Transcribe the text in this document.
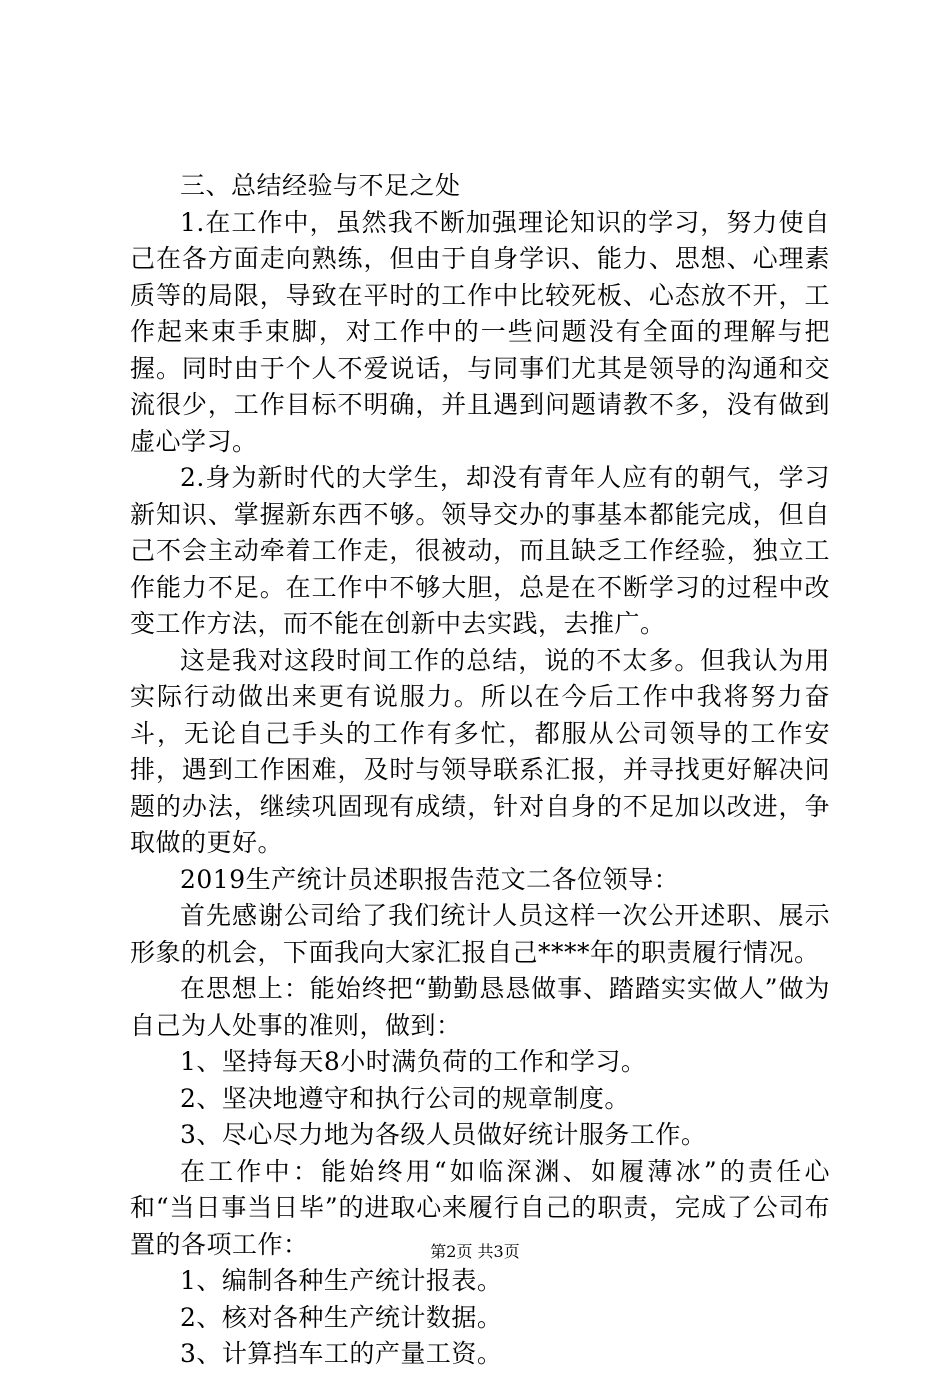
三、总结经验与不足之处

1.在工作中，虽然我不断加强理论知识的学习，努力使自己在各方面走向熟练，但由于自身学识、能力、思想、心理素质等的局限，导致在平时的工作中比较死板、心态放不开，工作起来束手束脚，对工作中的一些问题没有全面的理解与把握。同时由于个人不爱说话，与同事们尤其是领导的沟通和交流很少，工作目标不明确，并且遇到问题请教不多，没有做到虚心学习。

2.身为新时代的大学生，却没有青年人应有的朝气，学习新知识、掌握新东西不够。领导交办的事基本都能完成，但自己不会主动牵着工作走，很被动，而且缺乏工作经验，独立工作能力不足。在工作中不够大胆，总是在不断学习的过程中改变工作方法，而不能在创新中去实践，去推广。

这是我对这段时间工作的总结，说的不太多。但我认为用实际行动做出来更有说服力。所以在今后工作中我将努力奋斗，无论自己手头的工作有多忙，都服从公司领导的工作安排，遇到工作困难，及时与领导联系汇报，并寻找更好解决问题的办法，继续巩固现有成绩，针对自身的不足加以改进，争取做的更好。

2019生产统计员述职报告范文二各位领导：

首先感谢公司给了我们统计人员这样一次公开述职、展示形象的机会，下面我向大家汇报自己****年的职责履行情况。

在思想上：能始终把“勤勤恳恳做事、踏踏实实做人”做为自己为人处事的准则，做到：

1、坚持每天8小时满负荷的工作和学习。

2、坚决地遵守和执行公司的规章制度。

3、尽心尽力地为各级人员做好统计服务工作。

在工作中：能始终用“如临深渊、如履薄冰”的责任心和“当日事当日毕”的进取心来履行自己的职责，完成了公司布置的各项工作：

1、编制各种生产统计报表。

2、核对各种生产统计数据。

3、计算挡车工的产量工资。

第2页 共3页
